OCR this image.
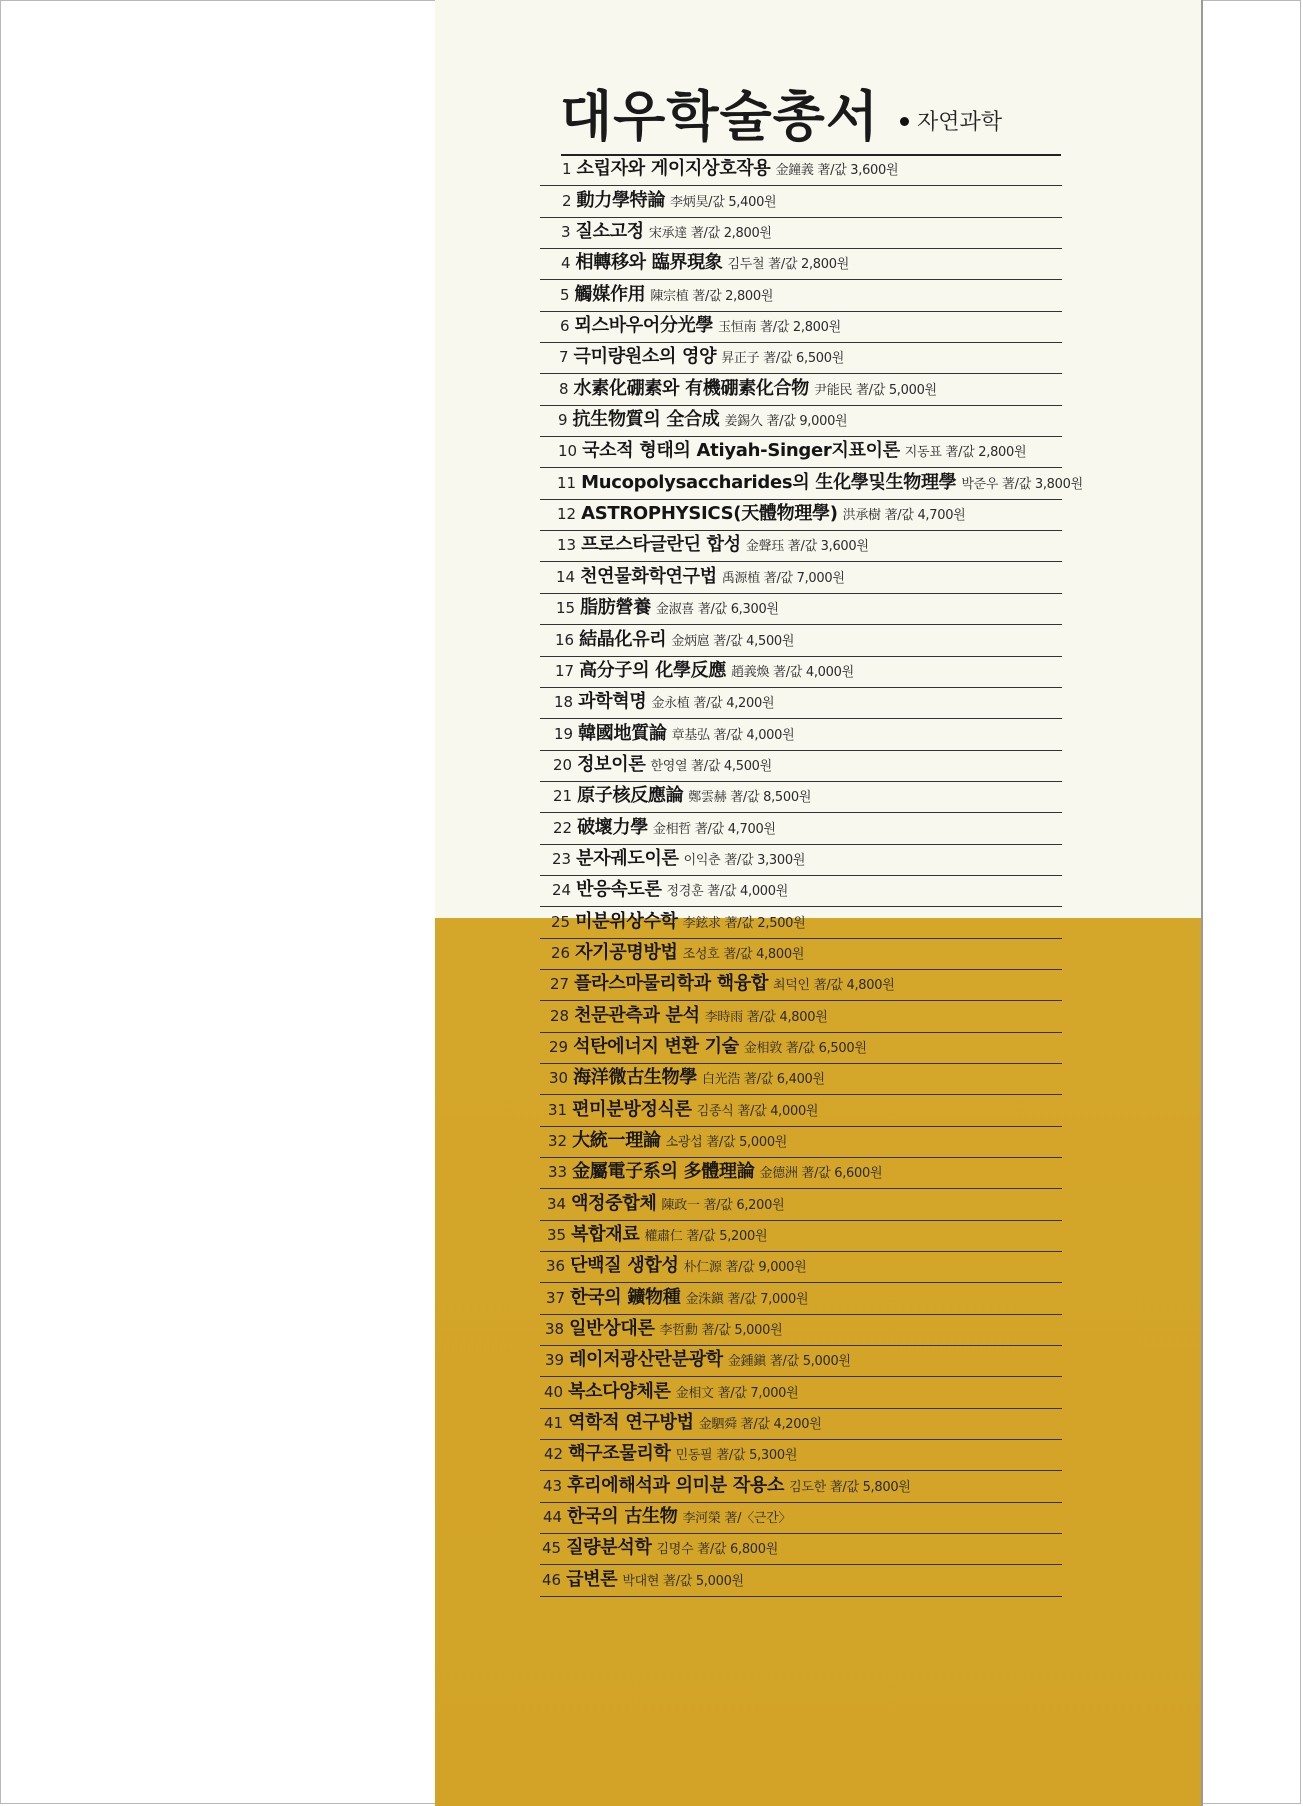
대우학술총서	자연과학
1 소립자와 게이지상호작용 金鐘義 著/값 3,600원
2 動力學特論 李炳昊/값 5,400원
3 질소고정 宋承達 著/값 2,800원
4 相轉移와 臨界現象 김두철 著/값 2,800원
5 觸媒作用 陳宗植 著/값 2,800원
6 뫼스바우어分光學 玉恒南 著/값 2,800원
7 극미량원소의 영양 昇正子 著/값 6,500원
8 水素化硼素와 有機硼素化合物 尹能民 著/값 5,000원
9 抗生物質의 全合成 姜錫久 著/값 9,000원
10 국소적 형태의 Atiyah-Singer지표이론 지동표 著/값 2,800원
11 Mucopolysaccharides의 生化學및生物理學 박준우 著/값 3,800원
12 ASTROPHYSICS(天體物理學) 洪承樹 著/값 4,700원
13 프로스타글란딘 합성 金聲珏 著/값 3,600원
14 천연물화학연구법 禹源植 著/값 7,000원
15 脂肪營養 金淑喜 著/값 6,300원
16 結晶化유리 金炳扈 著/값 4,500원
17 高分子의 化學反應 趙義煥 著/값 4,000원
18 과학혁명 金永植 著/값 4,200원
19 韓國地質論 章基弘 著/값 4,000원
20 정보이론 한영열 著/값 4,500원
21 原子核反應論 鄭雲赫 著/값 8,500원
22 破壞力學 金相哲 著/값 4,700원
23 분자궤도이론 이익춘 著/값 3,300원
24 반응속도론 정경훈 著/값 4,000원
25 미분위상수학 李鉉求 著/값 2,500원
26 자기공명방법 조성호 著/값 4,800원
27 플라스마물리학과 핵융합 최덕인 著/값 4,800원
28 천문관측과 분석 李時雨 著/값 4,800원
29 석탄에너지 변환 기술 金相敦 著/값 6,500원
30 海洋微古生物學 白光浩 著/값 6,400원
31 편미분방정식론 김종식 著/값 4,000원
32 大統一理論 소광섭 著/값 5,000원
33 金屬電子系의 多體理論 金德洲 著/값 6,600원
34 액정중합체 陳政一 著/값 6,200원
35 복합재료 權肅仁 著/값 5,200원
36 단백질 생합성 朴仁源 著/값 9,000원
37 한국의 鑛物種 金洙鎭 著/값 7,000원
38 일반상대론 李哲勳 著/값 5,000원
39 레이저광산란분광학 金鍾鎭 著/값 5,000원
40 복소다양체론 金相文 著/값 7,000원
41 역학적 연구방법 金駟舜 著/값 4,200원
42 핵구조물리학 민동필 著/값 5,300원
43 후리에해석과 의미분 작용소 김도한 著/값 5,800원
44 한국의 古生物 李河榮 著/〈근간〉
45 질량분석학 김명수 著/값 6,800원
46 급변론 박대현 著/값 5,000원
